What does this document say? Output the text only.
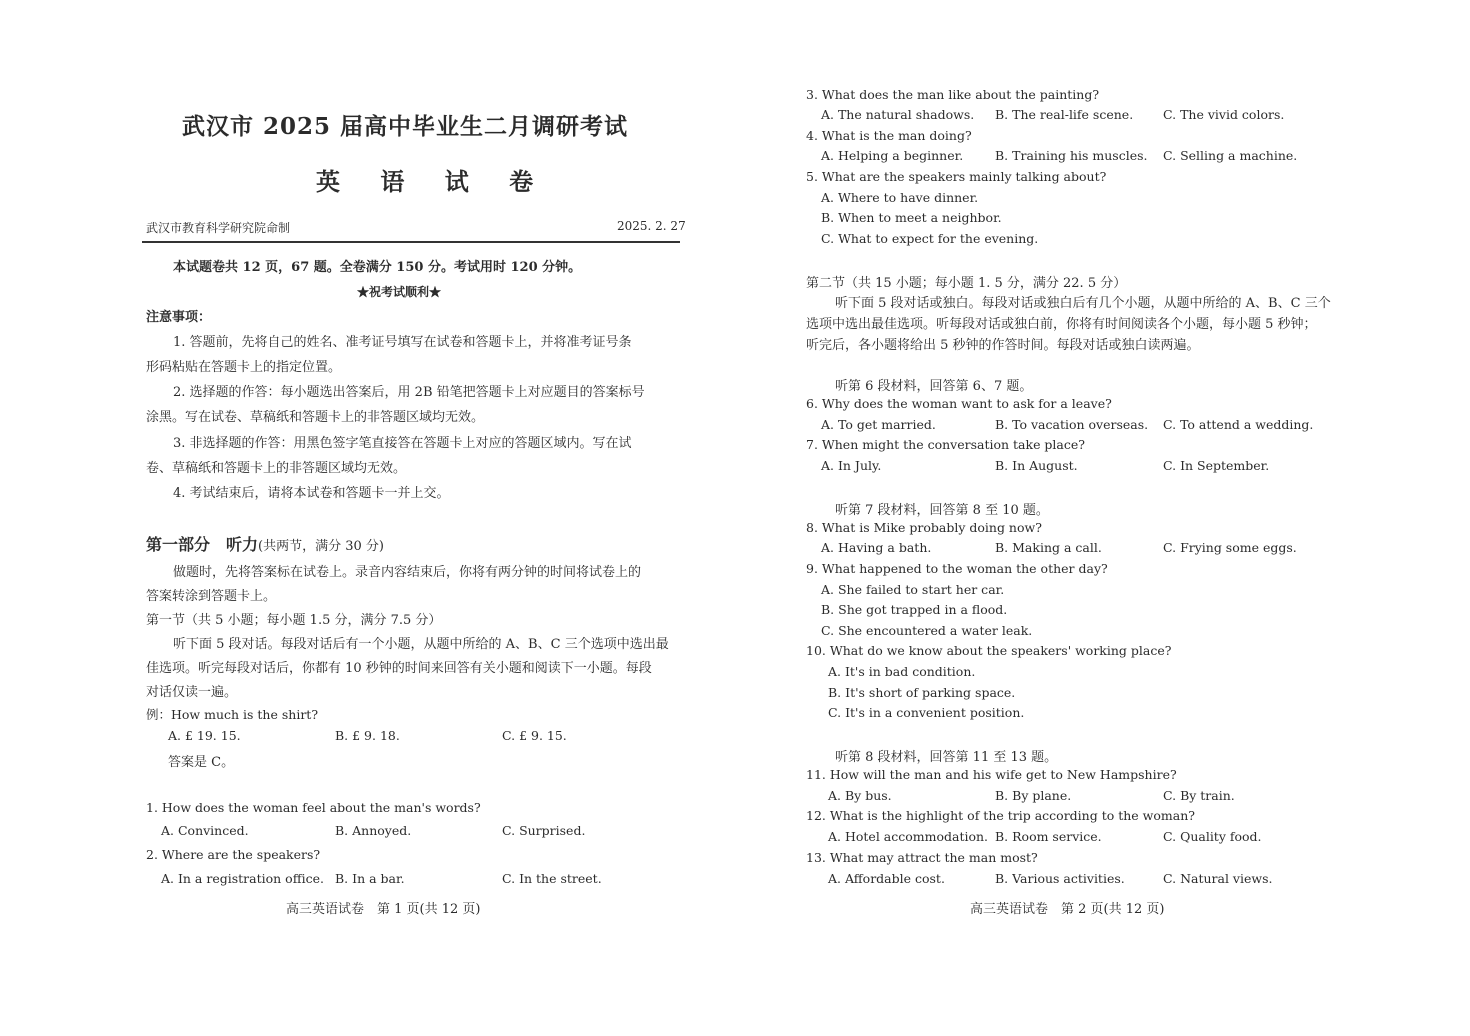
武汉市 2025 届高中毕业生二月调研考试
英 语 试 卷
武汉市教育科学研究院命制	2025. 2. 27
本试题卷共 12 页，67 题。全卷满分 150 分。考试用时 120 分钟。
★祝考试顺利★
注意事项：
1. 答题前，先将自己的姓名、准考证号填写在试卷和答题卡上，并将准考证号条
形码粘贴在答题卡上的指定位置。
2. 选择题的作答：每小题选出答案后，用 2B 铅笔把答题卡上对应题目的答案标号
涂黑。写在试卷、草稿纸和答题卡上的非答题区域均无效。
3. 非选择题的作答：用黑色签字笔直接答在答题卡上对应的答题区域内。写在试
卷、草稿纸和答题卡上的非答题区域均无效。
4. 考试结束后，请将本试卷和答题卡一并上交。
第一部分　听力(共两节，满分 30 分)
做题时，先将答案标在试卷上。录音内容结束后，你将有两分钟的时间将试卷上的
答案转涂到答题卡上。
第一节（共 5 小题；每小题 1.5 分，满分 7.5 分）
听下面 5 段对话。每段对话后有一个小题，从题中所给的 A、B、C 三个选项中选出最
佳选项。听完每段对话后，你都有 10 秒钟的时间来回答有关小题和阅读下一小题。每段
对话仅读一遍。
例：How much is the shirt?
A. £ 19. 15.	B. £ 9. 18.	C. £ 9. 15.
答案是 C。
1. How does the woman feel about the man's words?
A. Convinced.	B. Annoyed.	C. Surprised.
2. Where are the speakers?
A. In a registration office. B. In a bar.	C. In the street.
高三英语试卷　第 1 页(共 12 页)
3. What does the man like about the painting?
A. The natural shadows. B. The real-life scene. C. The vivid colors.
4. What is the man doing?
A. Helping a beginner.	B. Training his muscles. C. Selling a machine.
5. What are the speakers mainly talking about?
A. Where to have dinner.
B. When to meet a neighbor.
C. What to expect for the evening.
第二节（共 15 小题；每小题 1. 5 分，满分 22. 5 分）
听下面 5 段对话或独白。每段对话或独白后有几个小题，从题中所给的 A、B、C 三个
选项中选出最佳选项。听每段对话或独白前，你将有时间阅读各个小题，每小题 5 秒钟；
听完后，各小题将给出 5 秒钟的作答时间。每段对话或独白读两遍。
听第 6 段材料，回答第 6、7 题。
6. Why does the woman want to ask for a leave?
A. To get married.	B. To vacation overseas. C. To attend a wedding.
7. When might the conversation take place?
A. In July.	B. In August.	C. In September.
听第 7 段材料，回答第 8 至 10 题。
8. What is Mike probably doing now?
A. Having a bath.	B. Making a call.	C. Frying some eggs.
9. What happened to the woman the other day?
A. She failed to start her car.
B. She got trapped in a flood.
C. She encountered a water leak.
10. What do we know about the speakers' working place?
A. It's in bad condition.
B. It's short of parking space.
C. It's in a convenient position.
听第 8 段材料，回答第 11 至 13 题。
11. How will the man and his wife get to New Hampshire?
A. By bus.	B. By plane.	C. By train.
12. What is the highlight of the trip according to the woman?
A. Hotel accommodation. B. Room service.	C. Quality food.
13. What may attract the man most?
A. Affordable cost.	B. Various activities.	C. Natural views.
高三英语试卷　第 2 页(共 12 页)
